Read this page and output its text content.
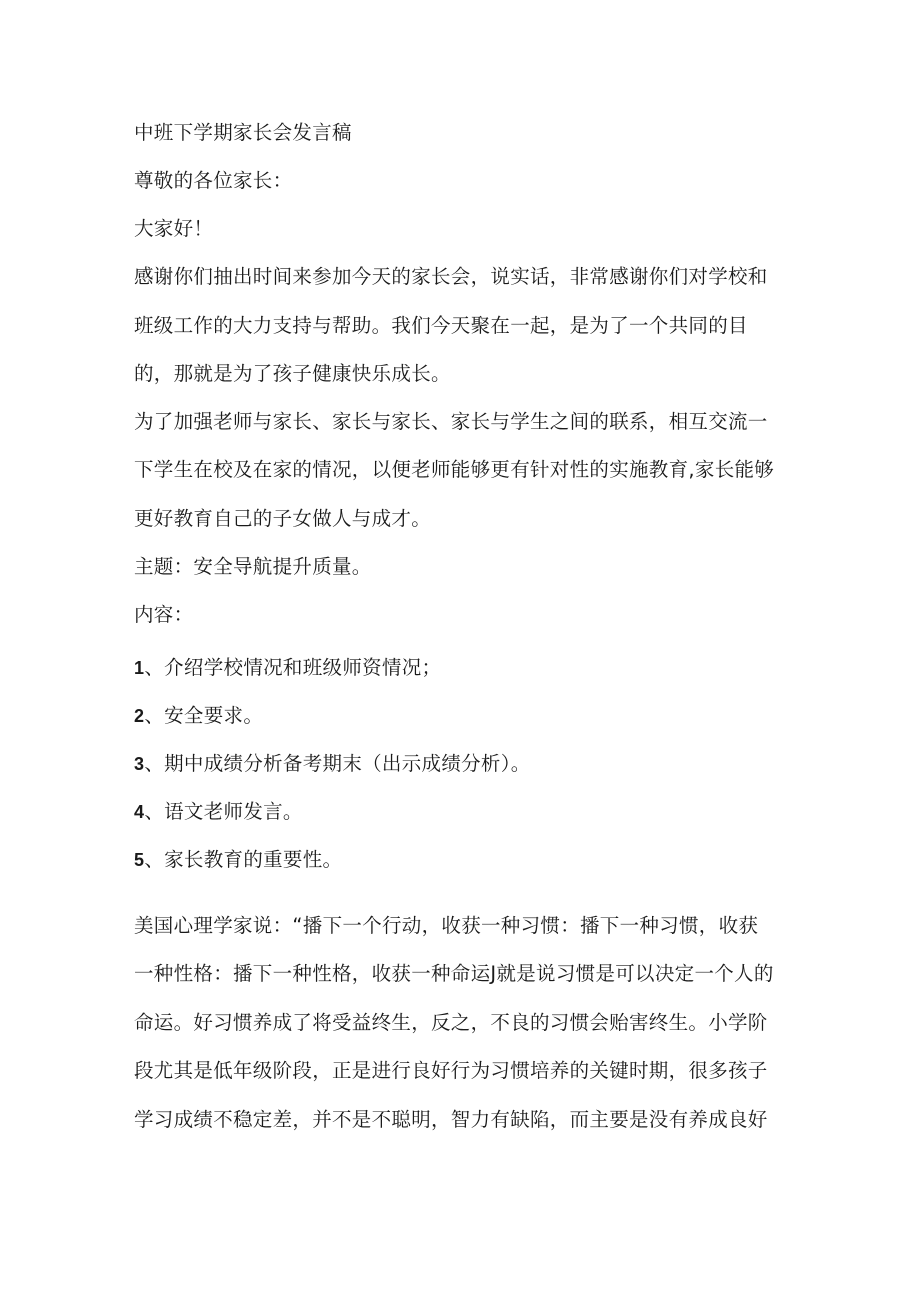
中班下学期家长会发言稿
尊敬的各位家长：
大家好！
感谢你们抽出时间来参加今天的家长会，说实话，非常感谢你们对学校和
班级工作的大力支持与帮助。我们今天聚在一起，是为了一个共同的目
的，那就是为了孩子健康快乐成长。
为了加强老师与家长、家长与家长、家长与学生之间的联系，相互交流一
下学生在校及在家的情况，以便老师能够更有针对性的实施教育,家长能够
更好教育自己的子女做人与成才。
主题：安全导航提升质量。
内容：
1、介绍学校情况和班级师资情况；
2、安全要求。
3、期中成绩分析备考期末（出示成绩分析）。
4、语文老师发言。
5、家长教育的重要性。
美国心理学家说：“播下一个行动，收获一种习惯：播下一种习惯，收获
一种性格：播下一种性格，收获一种命运J就是说习惯是可以决定一个人的
命运。好习惯养成了将受益终生，反之，不良的习惯会贻害终生。小学阶
段尤其是低年级阶段，正是进行良好行为习惯培养的关键时期，很多孩子
学习成绩不稳定差，并不是不聪明，智力有缺陷，而主要是没有养成良好
